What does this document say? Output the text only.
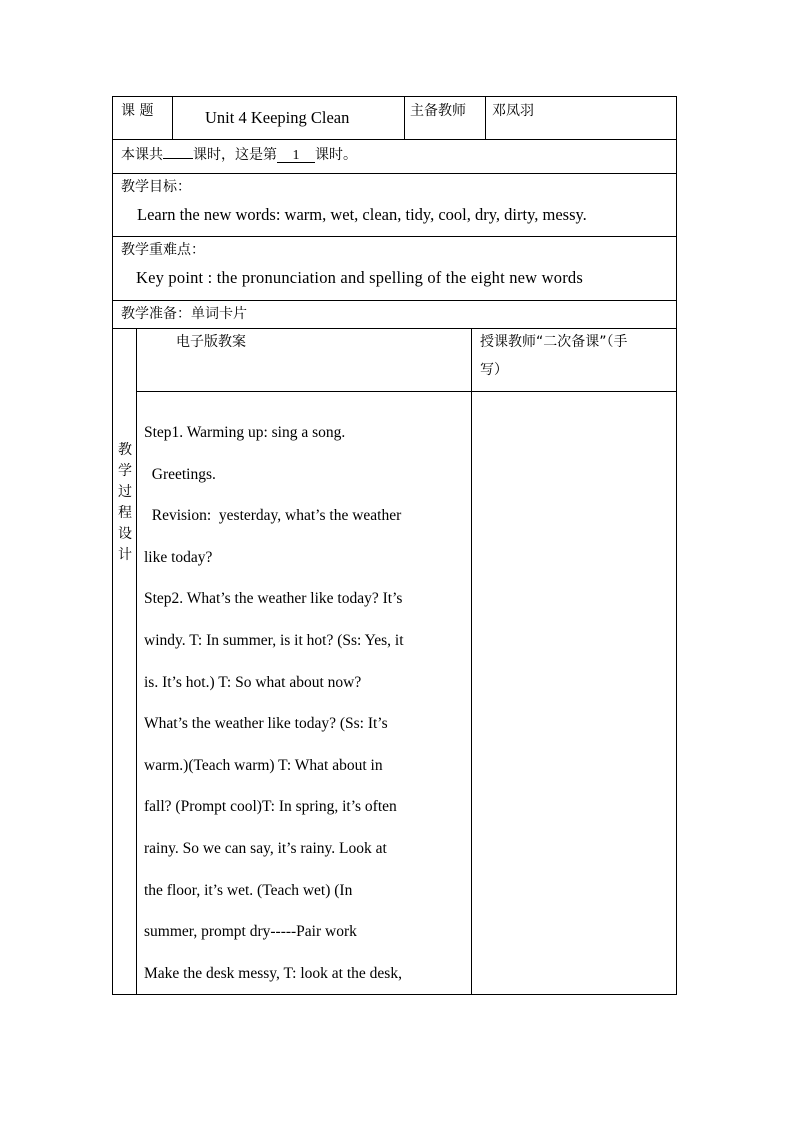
课 题	Unit 4 Keeping Clean	主备教师 邓凤羽
本课共 课时，这是第 1 课时。
教学目标：
Learn the new words: warm, wet, clean, tidy, cool, dry, dirty, messy.
教学重难点：
Key point : the pronunciation and spelling of the eight new words
教学准备：单词卡片
教
学
过
程
设
计
电子版教案	授课教师“二次备课”（手
写）
Step1. Warming up: sing a song.
Greetings.
Revision:  yesterday, what’s the weather
like today?
Step2. What’s the weather like today? It’s
windy. T: In summer, is it hot? (Ss: Yes, it
is. It’s hot.) T: So what about now?
What’s the weather like today? (Ss: It’s
warm.)(Teach warm) T: What about in
fall? (Prompt cool)T: In spring, it’s often
rainy. So we can say, it’s rainy. Look at
the floor, it’s wet. (Teach wet) (In
summer, prompt dry-----Pair work
Make the desk messy, T: look at the desk,
